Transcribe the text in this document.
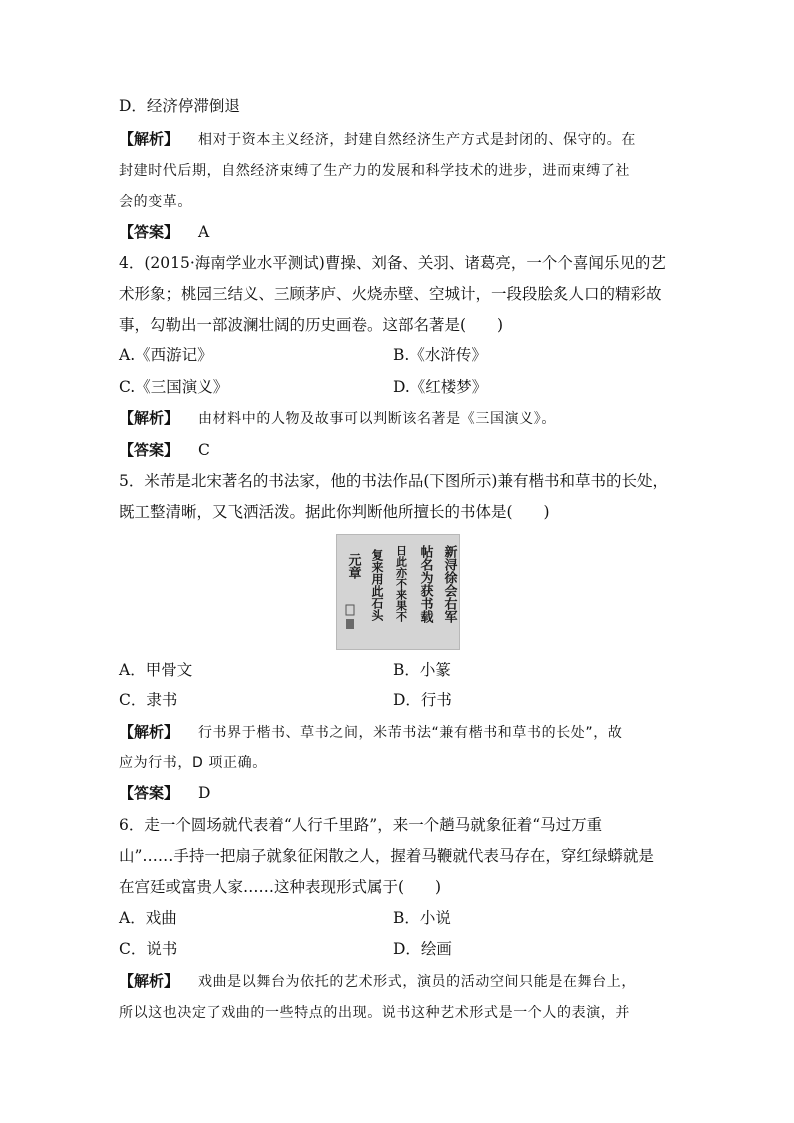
D．经济停滞倒退
【解析】 相对于资本主义经济，封建自然经济生产方式是封闭的、保守的。在
封建时代后期，自然经济束缚了生产力的发展和科学技术的进步，进而束缚了社
会的变革。
【答案】 A
4．(2015·海南学业水平测试)曹操、刘备、关羽、诸葛亮，一个个喜闻乐见的艺
术形象；桃园三结义、三顾茅庐、火烧赤壁、空城计，一段段脍炙人口的精彩故
事，勾勒出一部波澜壮阔的历史画卷。这部名著是(　　)
A.《西游记》	B.《水浒传》
C.《三国演义》	D.《红楼梦》
【解析】 由材料中的人物及故事可以判断该名著是《三国演义》。
【答案】 C
5．米芾是北宋著名的书法家，他的书法作品(下图所示)兼有楷书和草书的长处，
既工整清晰，又飞洒活泼。据此你判断他所擅长的书体是(　　)
新浔徐会右军
帖名为获书载
日此亦不来果不
复来用此石头
元章
A．甲骨文	B．小篆
C．隶书	D．行书
【解析】 行书界于楷书、草书之间，米芾书法“兼有楷书和草书的长处”，故
应为行书，D 项正确。
【答案】 D
6．走一个圆场就代表着“人行千里路”，来一个趟马就象征着“马过万重
山”……手持一把扇子就象征闲散之人，握着马鞭就代表马存在，穿红绿蟒就是
在宫廷或富贵人家……这种表现形式属于(　　)
A．戏曲	B．小说
C．说书	D．绘画
【解析】 戏曲是以舞台为依托的艺术形式，演员的活动空间只能是在舞台上，
所以这也决定了戏曲的一些特点的出现。说书这种艺术形式是一个人的表演，并
